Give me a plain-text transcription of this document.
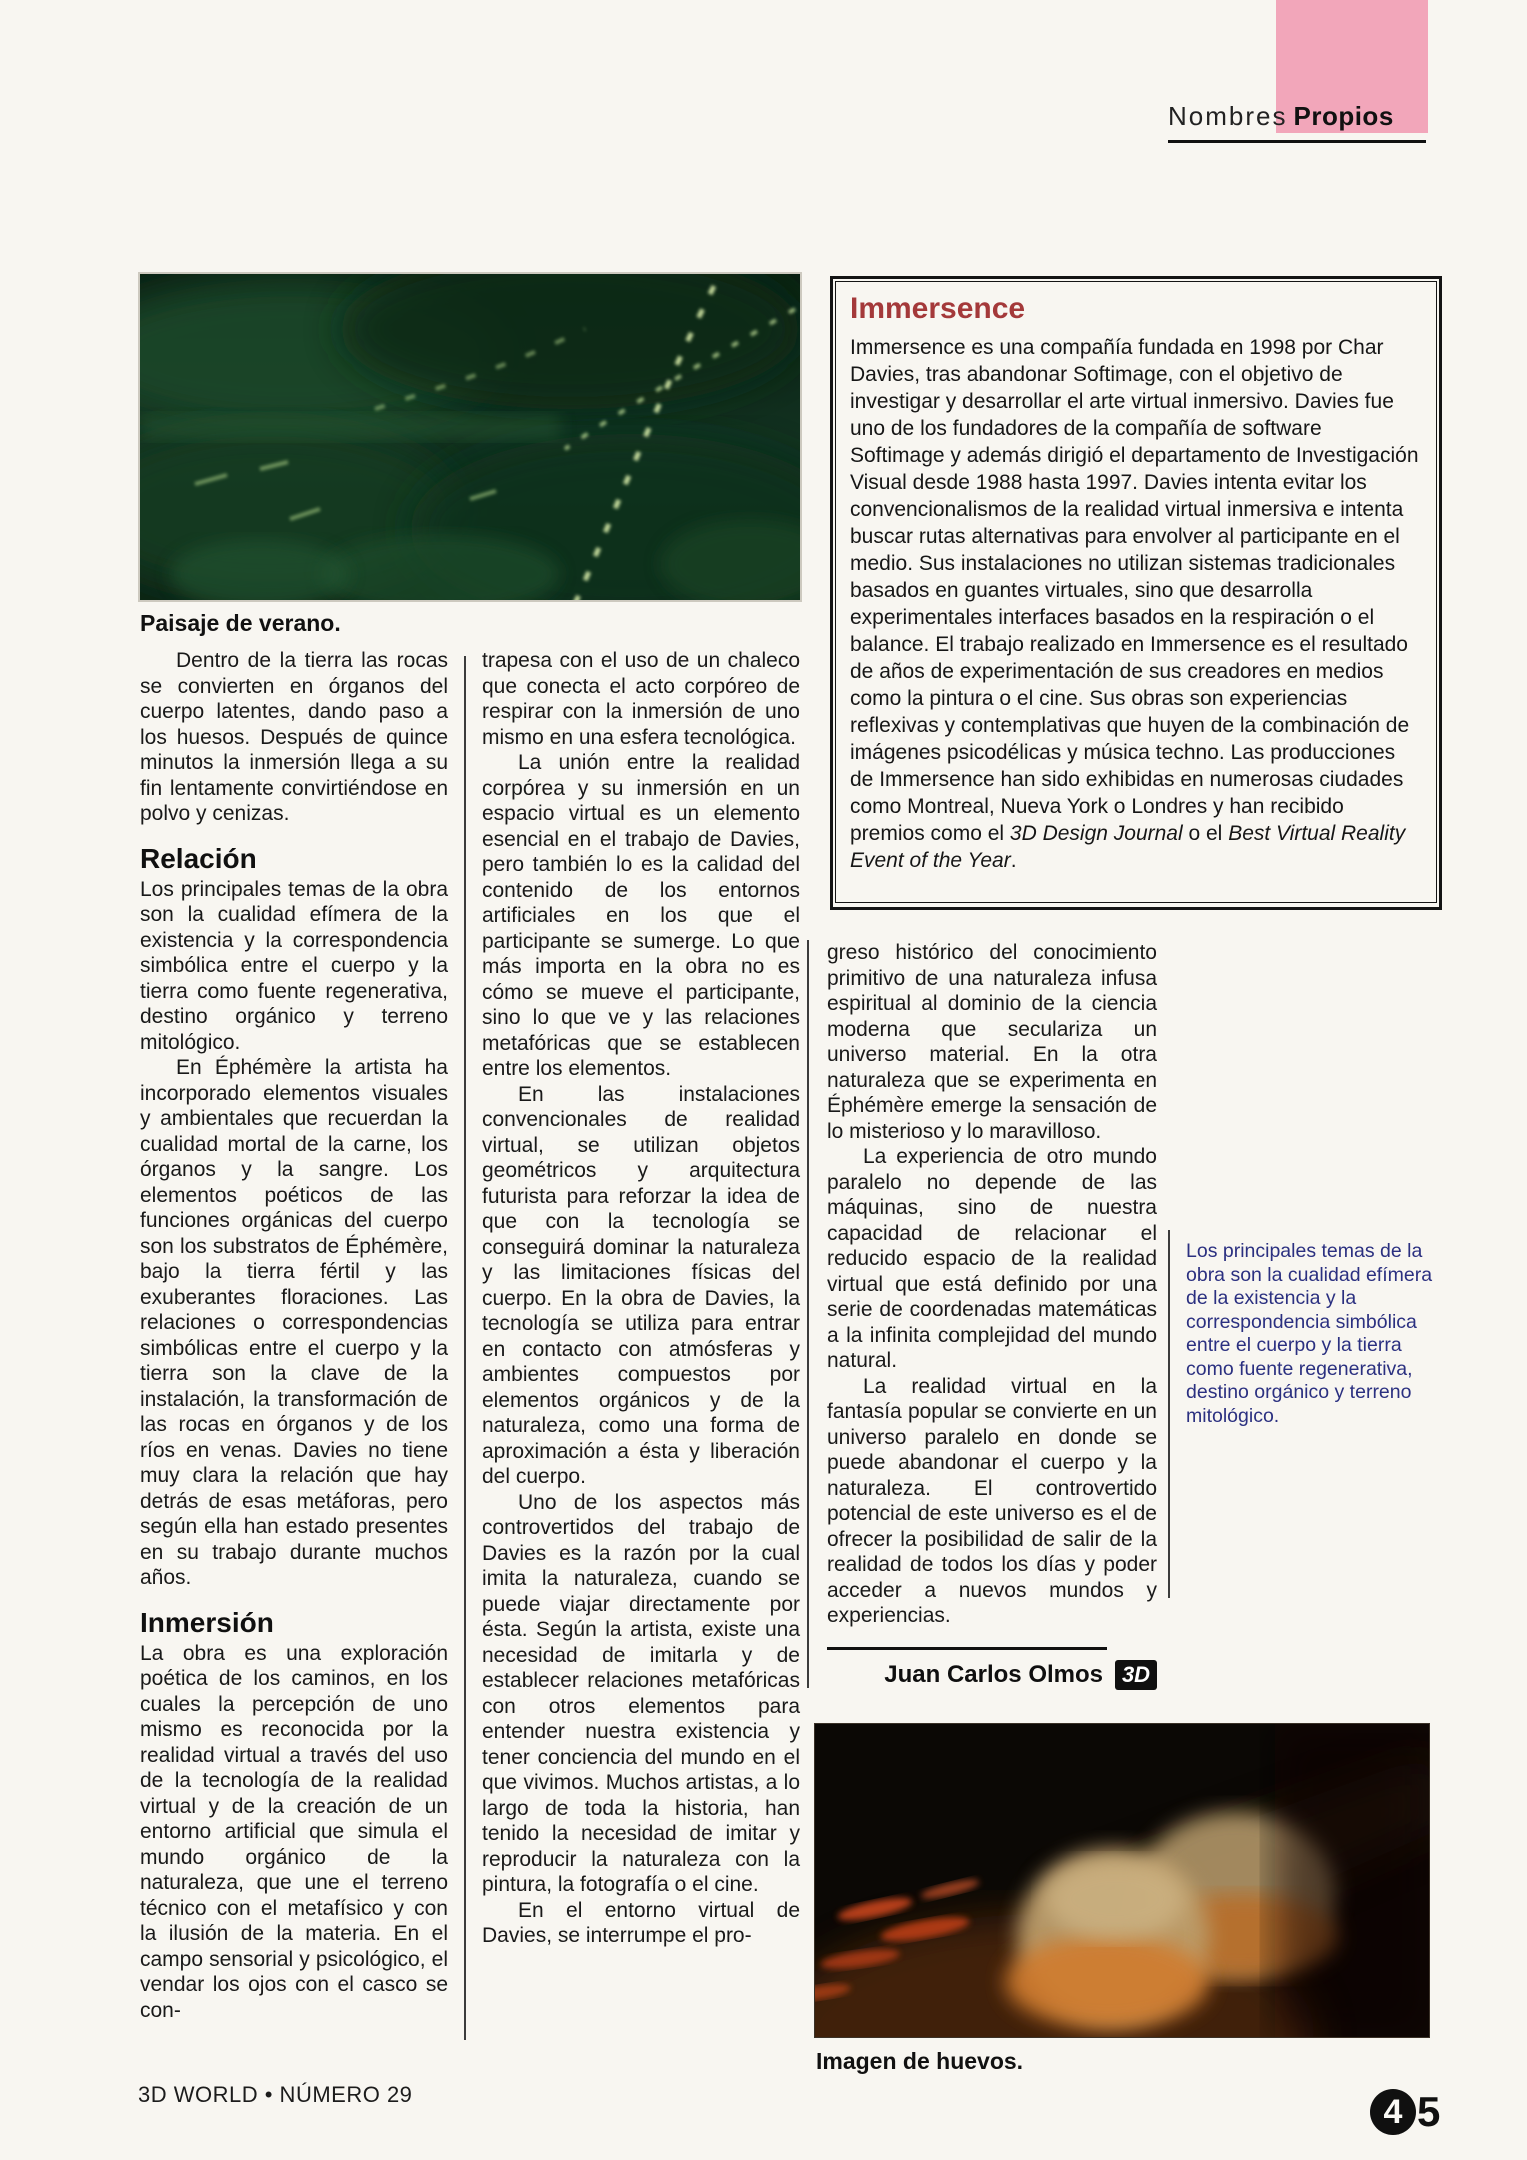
Nombres Propios
Paisaje de verano.
Immersence

Immersence es una compañía fundada en 1998 por Char Davies, tras abandonar Softimage, con el objetivo de investigar y desarrollar el arte virtual inmersivo. Davies fue uno de los fundadores de la compañía de software Softimage y además dirigió el departamento de Investigación Visual desde 1988 hasta 1997. Davies intenta evitar los convencionalismos de la realidad virtual inmersiva e intenta buscar rutas alternativas para envolver al participante en el medio. Sus instalaciones no utilizan sistemas tradicionales basados en guantes virtuales, sino que desarrolla experimentales interfaces basados en la respiración o el balance. El trabajo realizado en Immersence es el resultado de años de experimentación de sus creadores en medios como la pintura o el cine. Sus obras son experiencias reflexivas y contemplativas que huyen de la combinación de imágenes psicodélicas y música techno. Las producciones de Immersence han sido exhibidas en numerosas ciudades como Montreal, Nueva York o Londres y han recibido premios como el 3D Design Journal o el Best Virtual Reality Event of the Year.

Dentro de la tierra las rocas se convierten en órganos del cuerpo latentes, dando paso a los huesos. Después de quince minutos la inmersión llega a su fin lentamente convirtiéndose en polvo y cenizas.

Relación

Los principales temas de la obra son la cualidad efímera de la existencia y la correspondencia simbólica entre el cuerpo y la tierra como fuente regenerativa, destino orgánico y terreno mitológico.

En Éphémère la artista ha incorporado elementos visuales y ambientales que recuerdan la cualidad mortal de la carne, los órganos y la sangre. Los elementos poéticos de las funciones orgánicas del cuerpo son los substratos de Éphémère, bajo la tierra fértil y las exuberantes floraciones. Las relaciones o correspondencias simbólicas entre el cuerpo y la tierra son la clave de la instalación, la transformación de las rocas en órganos y de los ríos en venas. Davies no tiene muy clara la relación que hay detrás de esas metáforas, pero según ella han estado presentes en su trabajo durante muchos años.

Inmersión

La obra es una exploración poética de los caminos, en los cuales la percepción de uno mismo es reconocida por la realidad virtual a través del uso de la tecnología de la realidad virtual y de la creación de un entorno artificial que simula el mundo orgánico de la naturaleza, que une el terreno técnico con el metafísico y con la ilusión de la materia. En el campo sensorial y psicológico, el vendar los ojos con el casco se con-

trapesa con el uso de un chaleco que conecta el acto corpóreo de respirar con la inmersión de uno mismo en una esfera tecnológica.

La unión entre la realidad corpórea y su inmersión en un espacio virtual es un elemento esencial en el trabajo de Davies, pero también lo es la calidad del contenido de los entornos artificiales en los que el participante se sumerge. Lo que más importa en la obra no es cómo se mueve el participante, sino lo que ve y las relaciones metafóricas que se establecen entre los elementos.

En las instalaciones convencionales de realidad virtual, se utilizan objetos geométricos y arquitectura futurista para reforzar la idea de que con la tecnología se conseguirá dominar la naturaleza y las limitaciones físicas del cuerpo. En la obra de Davies, la tecnología se utiliza para entrar en contacto con atmósferas y ambientes compuestos por elementos orgánicos y de la naturaleza, como una forma de aproximación a ésta y liberación del cuerpo.

Uno de los aspectos más controvertidos del trabajo de Davies es la razón por la cual imita la naturaleza, cuando se puede viajar directamente por ésta. Según la artista, existe una necesidad de imitarla y de establecer relaciones metafóricas con otros elementos para entender nuestra existencia y tener conciencia del mundo en el que vivimos. Muchos artistas, a lo largo de toda la historia, han tenido la necesidad de imitar y reproducir la naturaleza con la pintura, la fotografía o el cine.

En el entorno virtual de Davies, se interrumpe el pro-

greso histórico del conocimiento primitivo de una naturaleza infusa espiritual al dominio de la ciencia moderna que seculariza un universo material. En la otra naturaleza que se experimenta en Éphémère emerge la sensación de lo misterioso y lo maravilloso.

La experiencia de otro mundo paralelo no depende de las máquinas, sino de nuestra capacidad de relacionar el reducido espacio de la realidad virtual que está definido por una serie de coordenadas matemáticas a la infinita complejidad del mundo natural.

La realidad virtual en la fantasía popular se convierte en un universo paralelo en donde se puede abandonar el cuerpo y la naturaleza. El controvertido potencial de este universo es el de ofrecer la posibilidad de salir de la realidad de todos los días y poder acceder a nuevos mundos y experiencias.

Juan Carlos Olmos 3D
Los principales temas de la obra son la cualidad efímera de la existencia y la correspondencia simbólica entre el cuerpo y la tierra como fuente regenerativa, destino orgánico y terreno mitológico.
Imagen de huevos.
3D WORLD • NÚMERO 29	4 5
